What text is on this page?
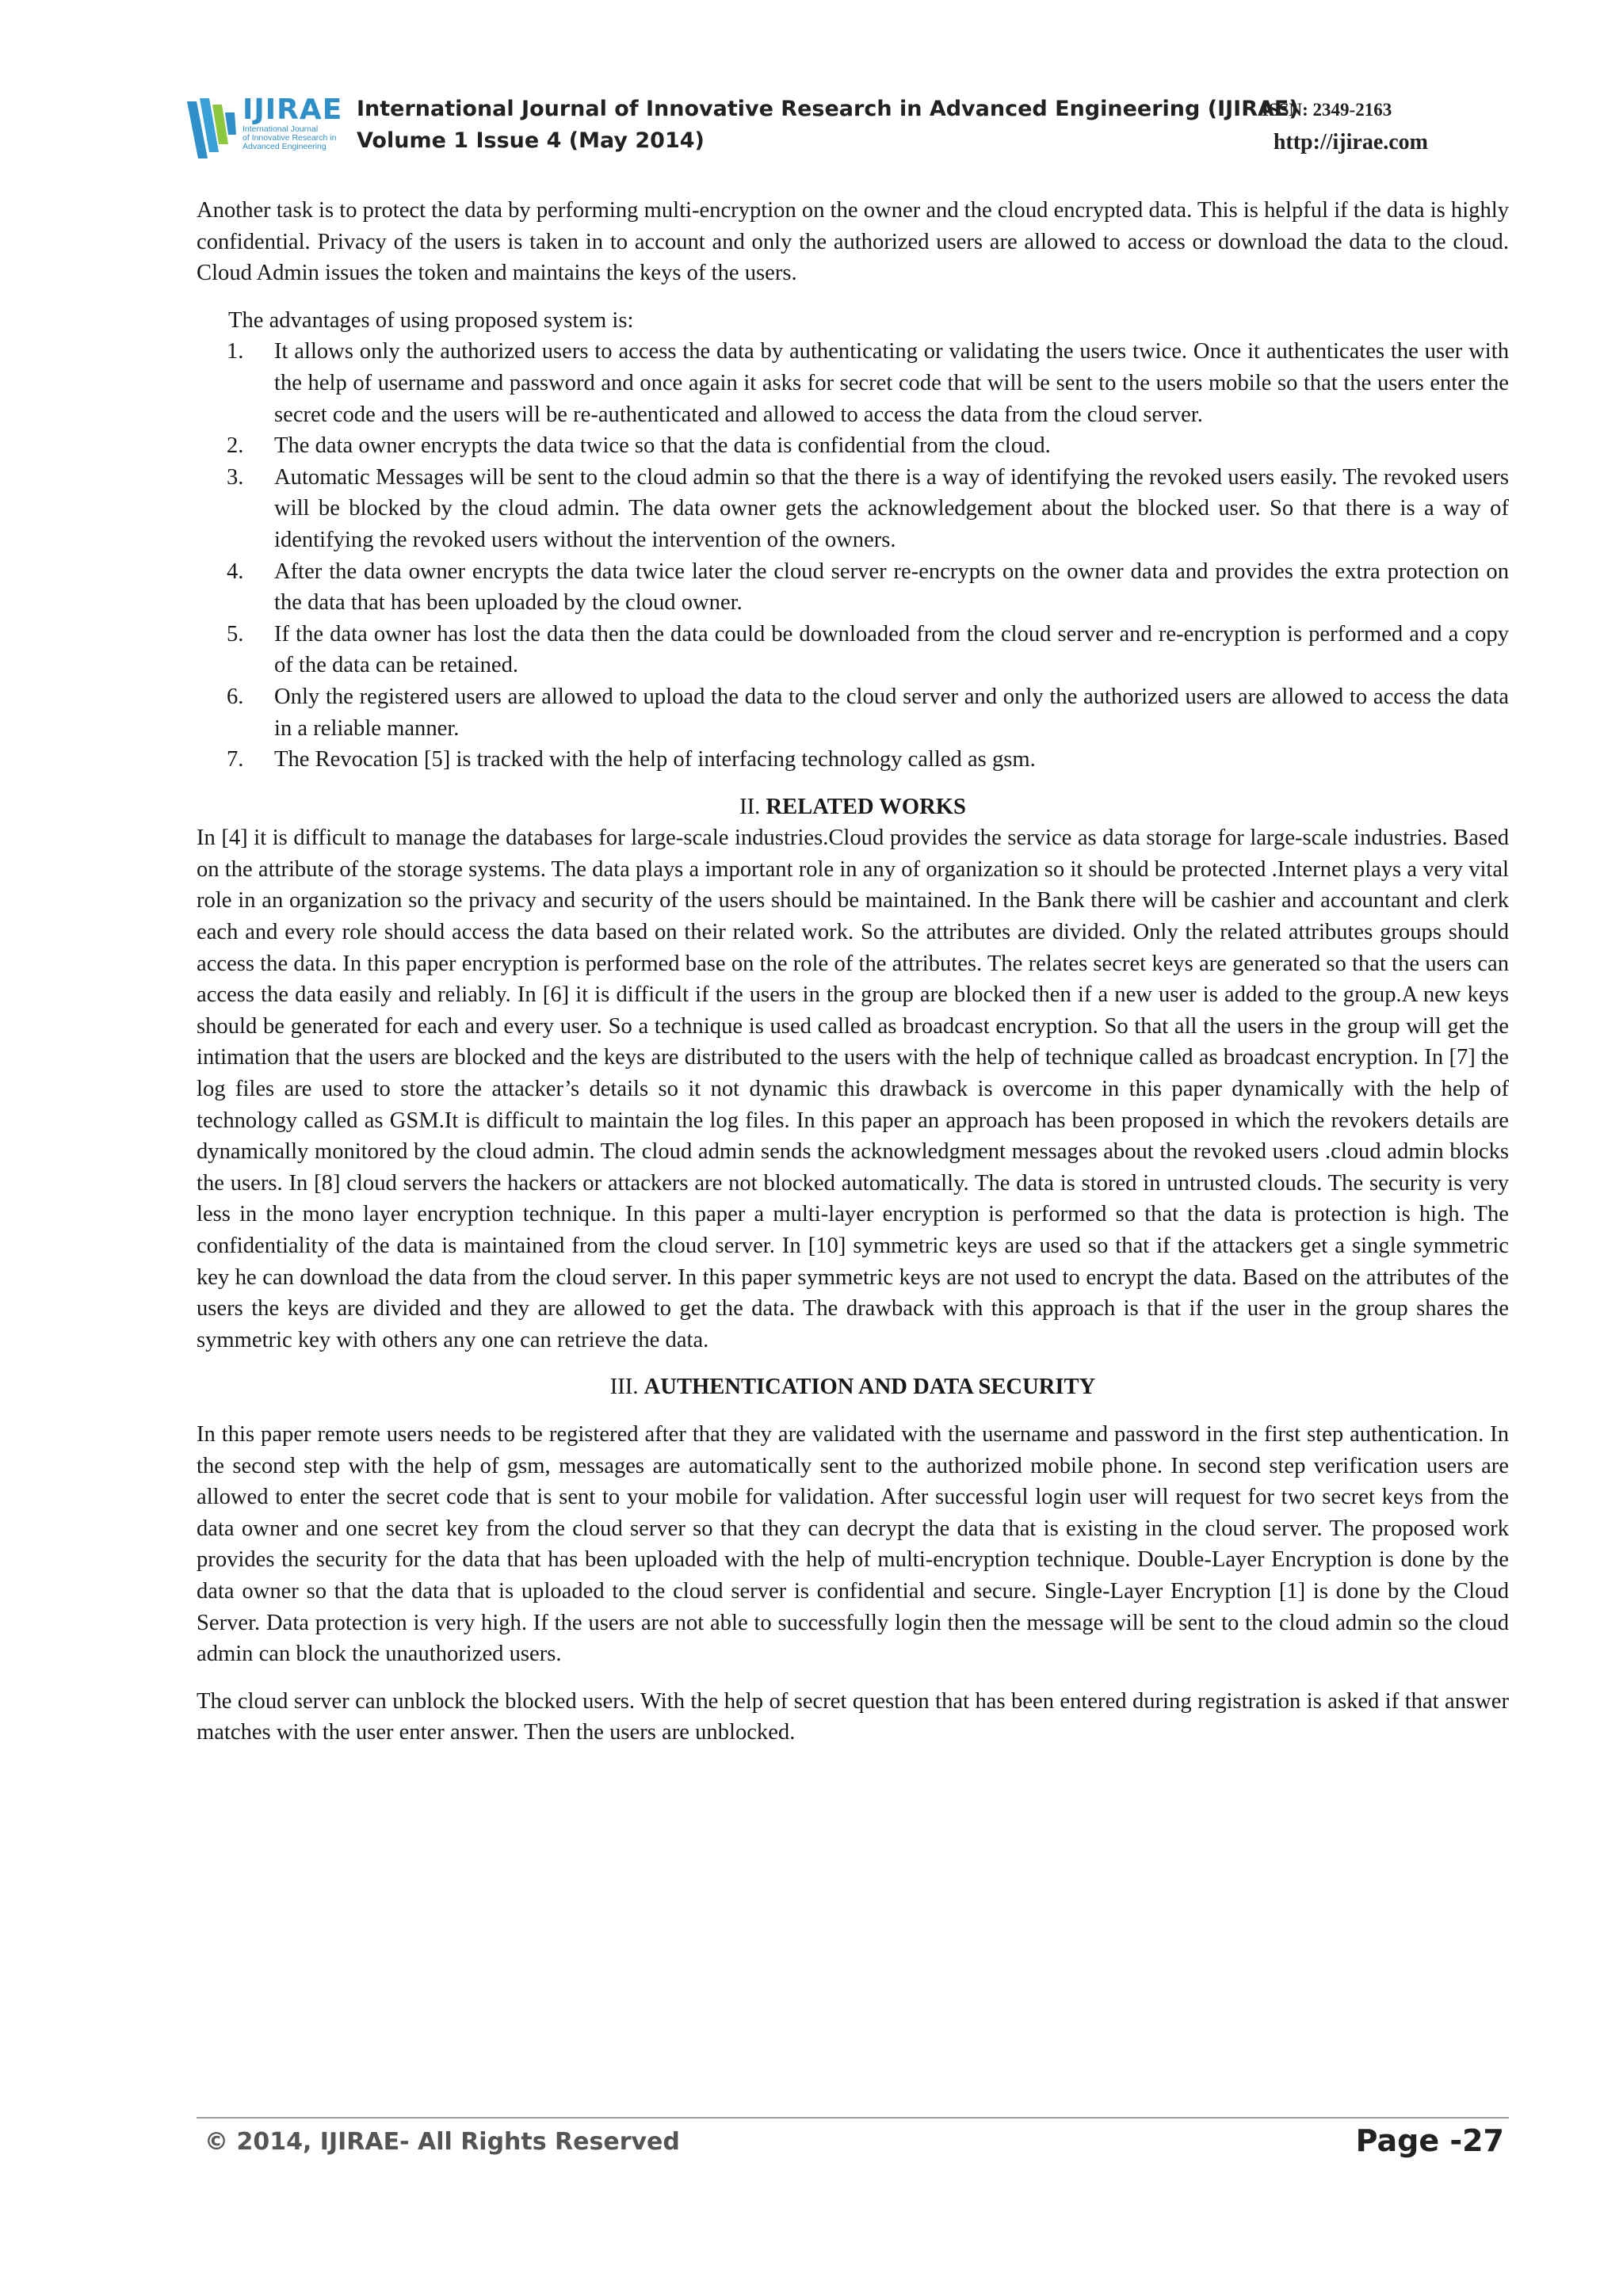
IJIRAE
International Journal
of Innovative Research in
Advanced Engineering
International Journal of Innovative Research in Advanced Engineering (IJIRAE)
ISSN: 2349-2163
Volume 1 Issue 4 (May 2014)	http://ijirae.com

Another task is to protect the data by performing multi-encryption on the owner and the cloud encrypted data. This is helpful if the data is highly confidential. Privacy of the users is taken in to account and only the authorized users are allowed to access or download the data to the cloud. Cloud Admin issues the token and maintains the keys of the users.

The advantages of using proposed system is:

1. It allows only the authorized users to access the data by authenticating or validating the users twice. Once it authenticates the user with the help of username and password and once again it asks for secret code that will be sent to the users mobile so that the users enter the secret code and the users will be re-authenticated and allowed to access the data from the cloud server.
2. The data owner encrypts the data twice so that the data is confidential from the cloud.
3. Automatic Messages will be sent to the cloud admin so that the there is a way of identifying the revoked users easily. The revoked users will be blocked by the cloud admin. The data owner gets the acknowledgement about the blocked user. So that there is a way of identifying the revoked users without the intervention of the owners.
4. After the data owner encrypts the data twice later the cloud server re-encrypts on the owner data and provides the extra protection on the data that has been uploaded by the cloud owner.
5. If the data owner has lost the data then the data could be downloaded from the cloud server and re-encryption is performed and a copy of the data can be retained.
6. Only the registered users are allowed to upload the data to the cloud server and only the authorized users are allowed to access the data in a reliable manner.
7. The Revocation [5] is tracked with the help of interfacing technology called as gsm.

II. RELATED WORKS

In [4] it is difficult to manage the databases for large-scale industries.Cloud provides the service as data storage for large-scale industries. Based on the attribute of the storage systems. The data plays a important role in any of organization so it should be protected .Internet plays a very vital role in an organization so the privacy and security of the users should be maintained. In the Bank there will be cashier and accountant and clerk each and every role should access the data based on their related work. So the attributes are divided. Only the related attributes groups should access the data. In this paper encryption is performed base on the role of the attributes. The relates secret keys are generated so that the users can access the data easily and reliably. In [6] it is difficult if the users in the group are blocked then if a new user is added to the group.A new keys should be generated for each and every user. So a technique is used called as broadcast encryption. So that all the users in the group will get the intimation that the users are blocked and the keys are distributed to the users with the help of technique called as broadcast encryption. In [7] the log files are used to store the attacker’s details so it not dynamic this drawback is overcome in this paper dynamically with the help of technology called as GSM.It is difficult to maintain the log files. In this paper an approach has been proposed in which the revokers details are dynamically monitored by the cloud admin. The cloud admin sends the acknowledgment messages about the revoked users .cloud admin blocks the users. In [8] cloud servers the hackers or attackers are not blocked automatically. The data is stored in untrusted clouds. The security is very less in the mono layer encryption technique. In this paper a multi-layer encryption is performed so that the data is protection is high. The confidentiality of the data is maintained from the cloud server. In [10] symmetric keys are used so that if the attackers get a single symmetric key he can download the data from the cloud server. In this paper symmetric keys are not used to encrypt the data. Based on the attributes of the users the keys are divided and they are allowed to get the data. The drawback with this approach is that if the user in the group shares the symmetric key with others any one can retrieve the data.

III. AUTHENTICATION AND DATA SECURITY

In this paper remote users needs to be registered after that they are validated with the username and password in the first step authentication. In the second step with the help of gsm, messages are automatically sent to the authorized mobile phone. In second step verification users are allowed to enter the secret code that is sent to your mobile for validation. After successful login user will request for two secret keys from the data owner and one secret key from the cloud server so that they can decrypt the data that is existing in the cloud server. The proposed work provides the security for the data that has been uploaded with the help of multi-encryption technique. Double-Layer Encryption is done by the data owner so that the data that is uploaded to the cloud server is confidential and secure. Single-Layer Encryption [1] is done by the Cloud Server. Data protection is very high. If the users are not able to successfully login then the message will be sent to the cloud admin so the cloud admin can block the unauthorized users.

The cloud server can unblock the blocked users. With the help of secret question that has been entered during registration is asked if that answer matches with the user enter answer. Then the users are unblocked.

© 2014, IJIRAE- All Rights Reserved	Page -27
